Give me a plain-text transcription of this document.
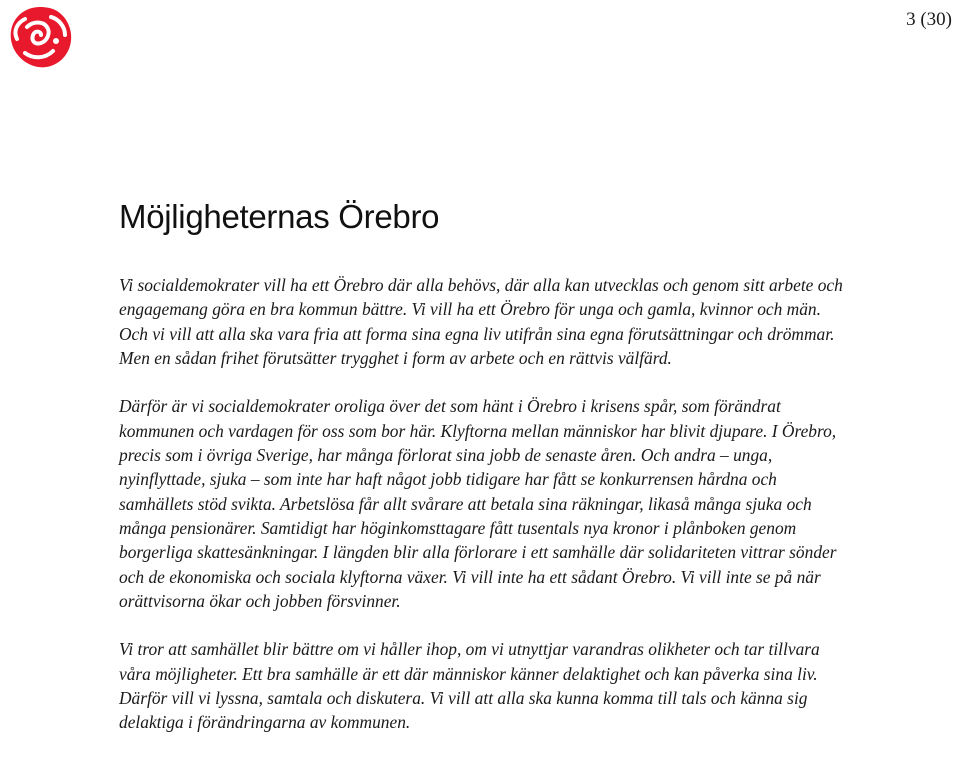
3 (30)
Möjligheternas Örebro

Vi socialdemokrater vill ha ett Örebro där alla behövs, där alla kan utvecklas och genom sitt arbete och engagemang göra en bra kommun bättre. Vi vill ha ett Örebro för unga och gamla, kvinnor och män. Och vi vill att alla ska vara fria att forma sina egna liv utifrån sina egna förutsättningar och drömmar. Men en sådan frihet förutsätter trygghet i form av arbete och en rättvis välfärd.

Därför är vi socialdemokrater oroliga över det som hänt i Örebro i krisens spår, som förändrat kommunen och vardagen för oss som bor här. Klyftorna mellan människor har blivit djupare. I Örebro, precis som i övriga Sverige, har många förlorat sina jobb de senaste åren. Och andra – unga, nyinflyttade, sjuka – som inte har haft något jobb tidigare har fått se konkurrensen hårdna och samhällets stöd svikta. Arbetslösa får allt svårare att betala sina räkningar, likaså många sjuka och många pensionärer. Samtidigt har höginkomsttagare fått tusentals nya kronor i plånboken genom borgerliga skattesänkningar. I längden blir alla förlorare i ett samhälle där solidariteten vittrar sönder och de ekonomiska och sociala klyftorna växer. Vi vill inte ha ett sådant Örebro. Vi vill inte se på när orättvisorna ökar och jobben försvinner.

Vi tror att samhället blir bättre om vi håller ihop, om vi utnyttjar varandras olikheter och tar tillvara våra möjligheter. Ett bra samhälle är ett där människor känner delaktighet och kan påverka sina liv. Därför vill vi lyssna, samtala och diskutera. Vi vill att alla ska kunna komma till tals och känna sig delaktiga i förändringarna av kommunen.
